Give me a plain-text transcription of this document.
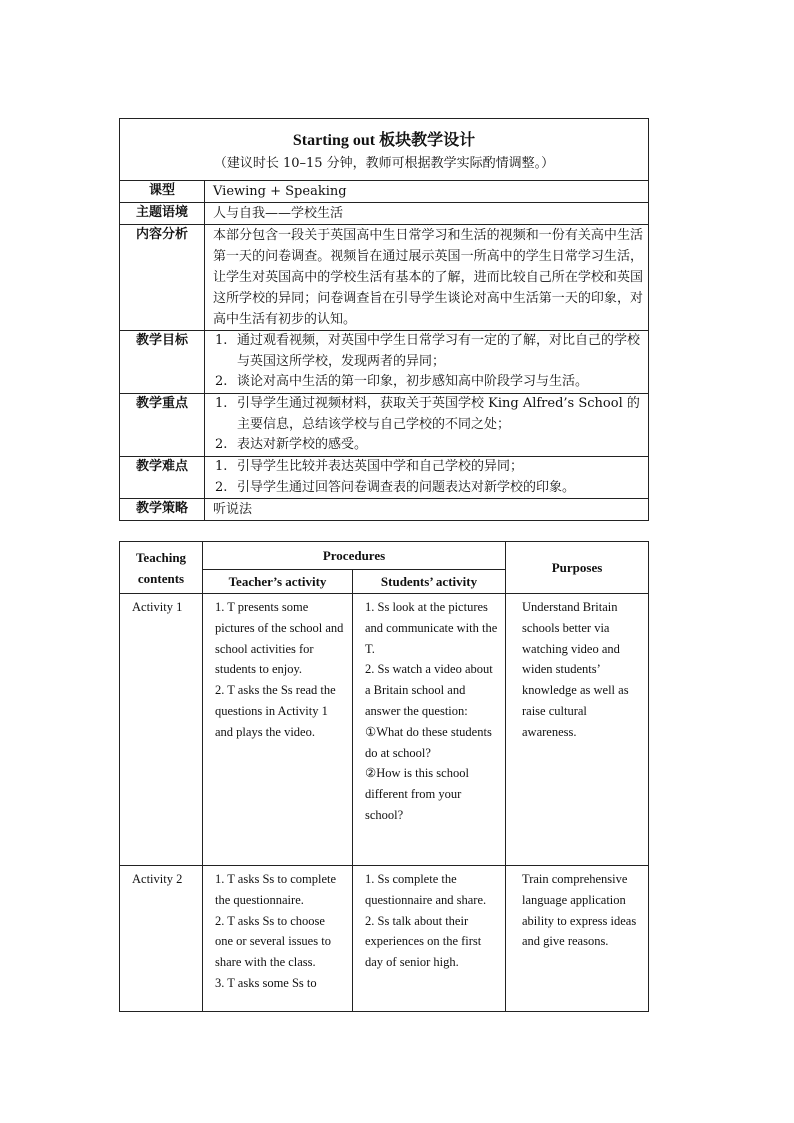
Starting out 板块教学设计
（建议时长 10–15 分钟，教师可根据教学实际酌情调整。）	

课型	Viewing + Speaking
主题语境	人与自我——学校生活
内容分析	本部分包含一段关于英国高中生日常学习和生活的视频和一份有关高中生活第一天的问卷调查。视频旨在通过展示英国一所高中的学生日常学习生活，让学生对英国高中的学校生活有基本的了解，进而比较自己所在学校和英国这所学校的异同；问卷调查旨在引导学生谈论对高中生活第一天的印象，对高中生活有初步的认知。
教学目标	1. 通过观看视频，对英国中学生日常学习有一定的了解，对比自己的学校与英国这所学校，发现两者的异同；
2. 谈论对高中生活的第一印象，初步感知高中阶段学习与生活。

教学重点	1. 引导学生通过视频材料，获取关于英国学校 King Alfred’s School 的主要信息，总结该学校与自己学校的不同之处；
2. 表达对新学校的感受。

教学难点	1. 引导学生比较并表达英国中学和自己学校的异同；
2. 引导学生通过回答问卷调查表的问题表达对新学校的印象。

教学策略	听说法
Teaching contents	Procedures		Purposes
	Teacher’s activity	Students’ activity	
Activity 1	1. T presents some pictures of the school and school activities for students to enjoy.
2. T asks the Ss read the questions in Activity 1 and plays the video.	1. Ss look at the pictures and communicate with the T.
2. Ss watch a video about a Britain school and answer the question:
①What do these students do at school?
②How is this school different from your school?	Understand Britain schools better via watching video and widen students’ knowledge as well as raise cultural awareness.

Activity 2	1. T asks Ss to complete the questionnaire.
2. T asks Ss to choose one or several issues to share with the class.
3. T asks some Ss to	1. Ss complete the questionnaire and share.
2. Ss talk about their experiences on the first day of senior high.	Train comprehensive language application ability to express ideas and give reasons.
